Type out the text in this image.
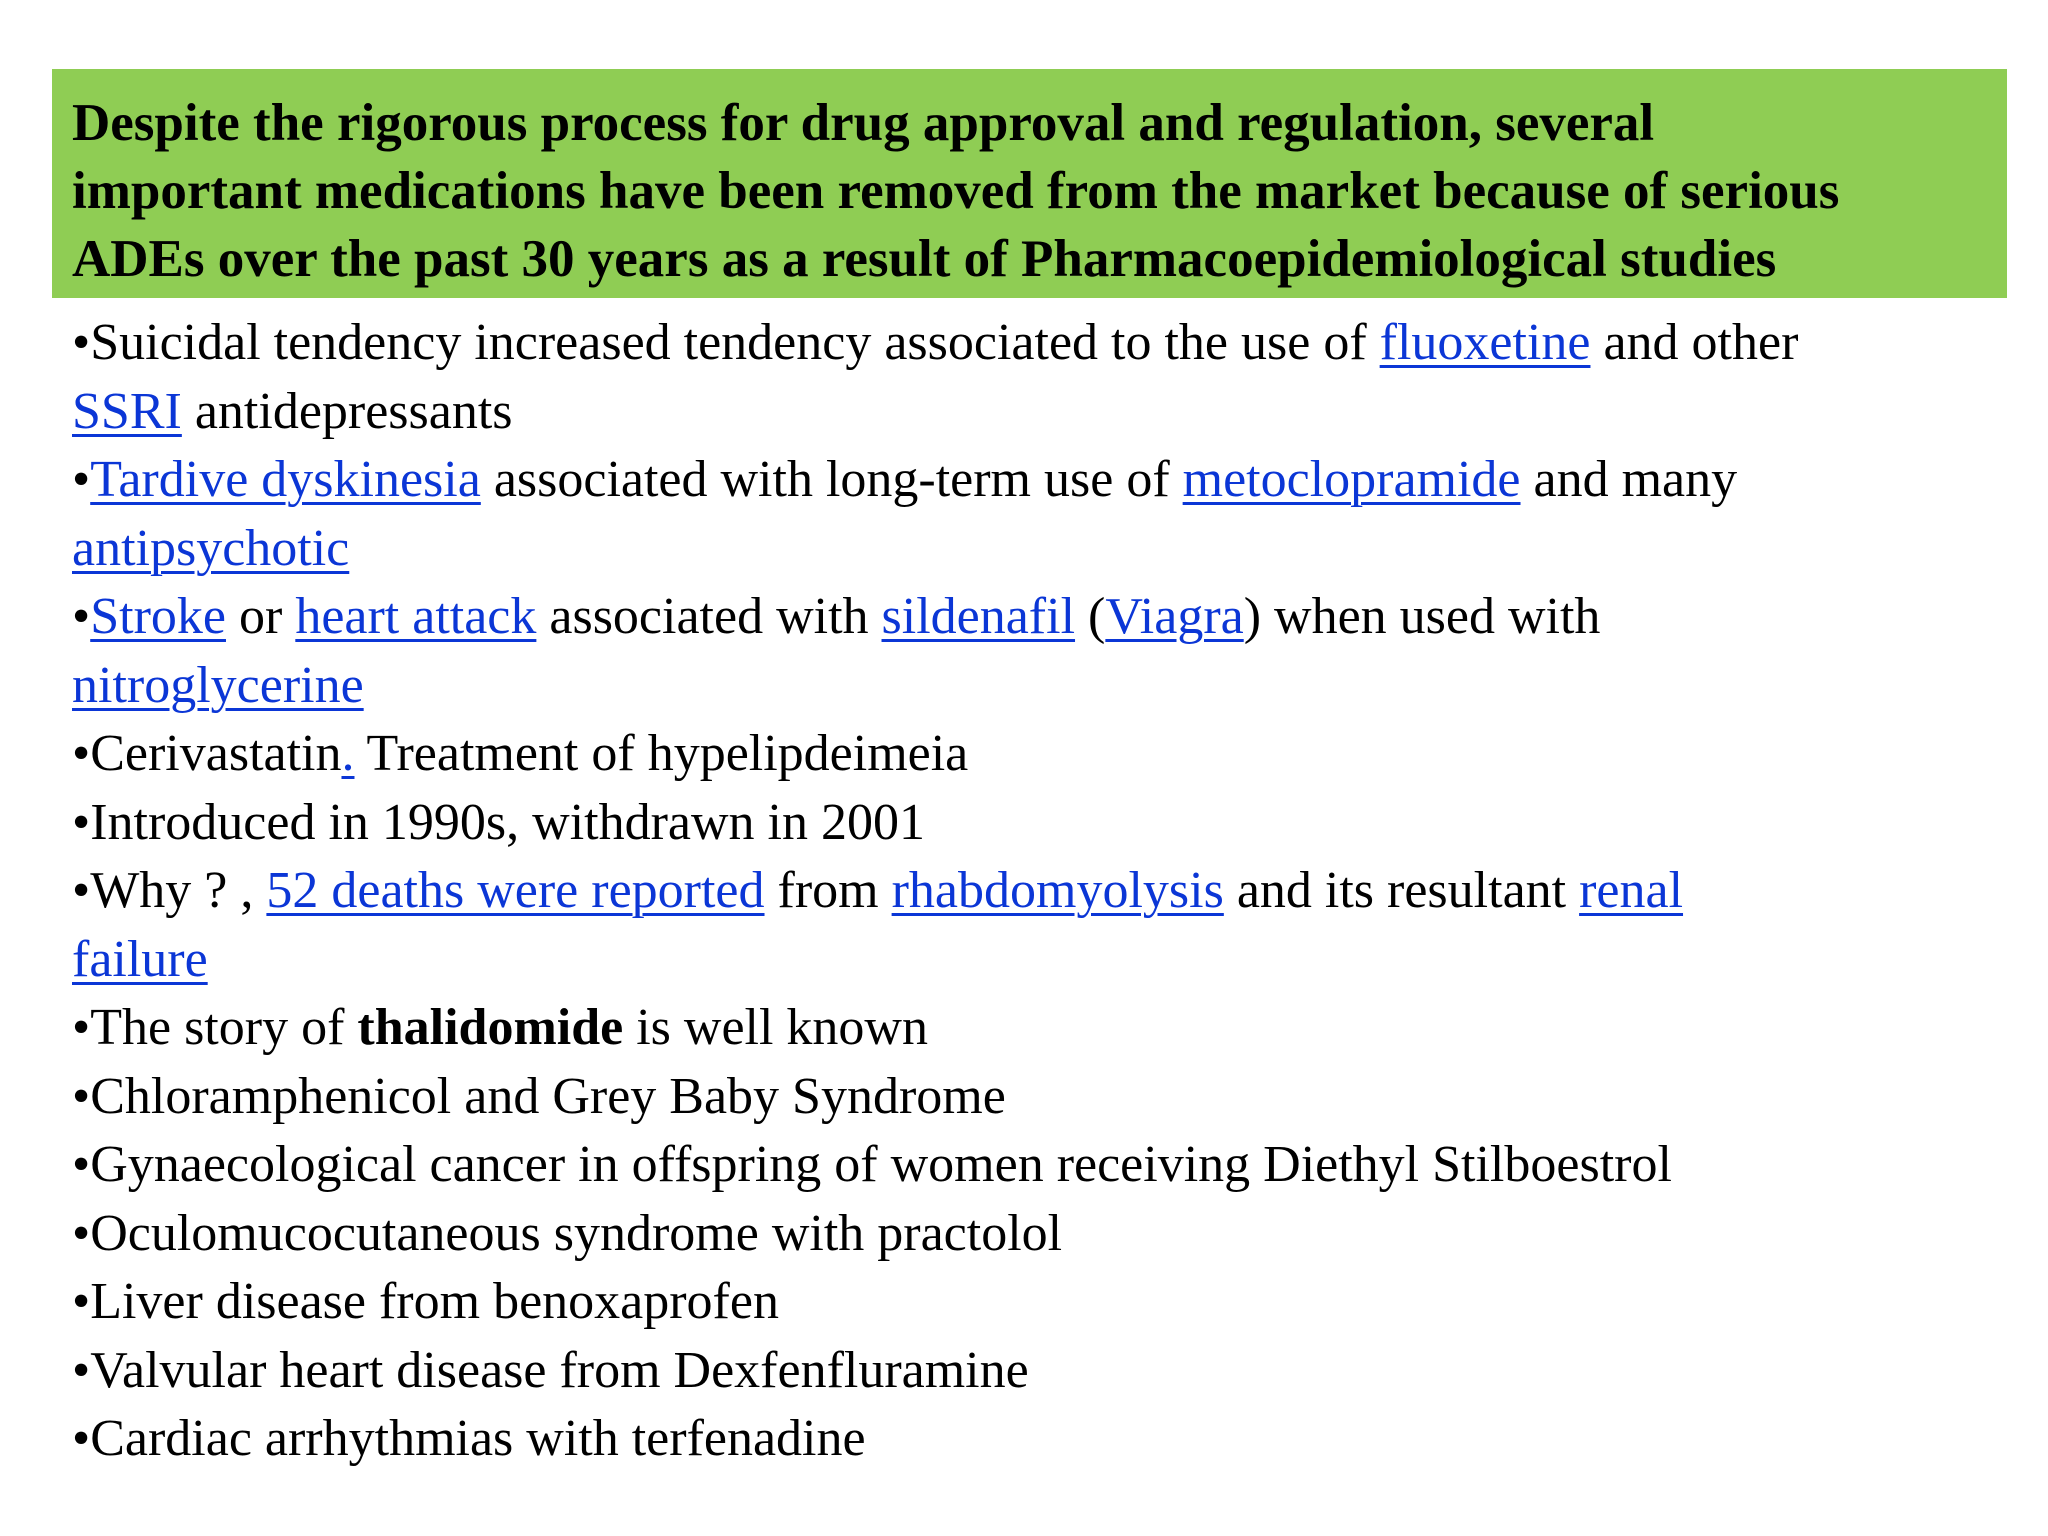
Despite the rigorous process for drug approval and regulation, several
important medications have been removed from the market because of serious
ADEs over the past 30 years as a result of Pharmacoepidemiological studies

•Suicidal tendency increased tendency associated to the use of fluoxetine and other
SSRI antidepressants
•Tardive dyskinesia associated with long-term use of metoclopramide and many
antipsychotic
•Stroke or heart attack associated with sildenafil (Viagra) when used with
nitroglycerine
•Cerivastatin. Treatment of hypelipdeimeia
•Introduced in 1990s, withdrawn in 2001
•Why ? , 52 deaths were reported from rhabdomyolysis and its resultant renal
failure
•The story of thalidomide is well known
•Chloramphenicol and Grey Baby Syndrome
•Gynaecological cancer in offspring of women receiving Diethyl Stilboestrol
•Oculomucocutaneous syndrome with practolol
•Liver disease from benoxaprofen
•Valvular heart disease from Dexfenfluramine
•Cardiac arrhythmias with terfenadine
